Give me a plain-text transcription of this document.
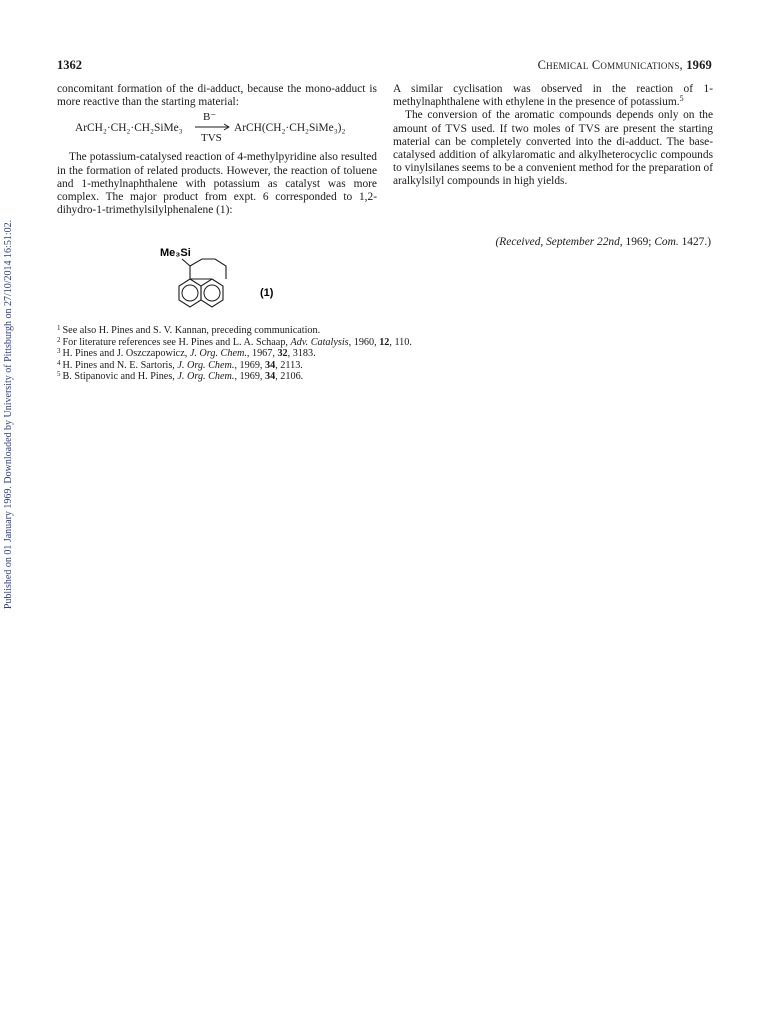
Published on 01 January 1969. Downloaded by University of Pittsburgh on 27/10/2014 16:51:02.
1362	Chemical Communications, 1969

concomitant formation of the di-adduct, because the mono-adduct is more reactive than the starting material:

ArCH₂·CH₂·CH₂SiMe₃
B⁻
TVS
ArCH(CH₂·CH₂SiMe₃)₂

The potassium-catalysed reaction of 4-methylpyridine also resulted in the formation of related products. However, the reaction of toluene and 1-methylnaphthalene with potassium as catalyst was more complex. The major product from expt. 6 corresponded to 1,2-dihydro-1-trimethylsilylphenalene (1):

Me₃Si
(1)

A similar cyclisation was observed in the reaction of 1-methylnaphthalene with ethylene in the presence of potassium.$^5$

The conversion of the aromatic compounds depends only on the amount of TVS used. If two moles of TVS are present the starting material can be completely converted into the di-adduct. The base-catalysed addition of alkylaromatic and alkylheterocyclic compounds to vinylsilanes seems to be a convenient method for the preparation of aralkylsilyl compounds in high yields.

(Received, September 22nd, 1969; Com. 1427.)
$^1$ See also H. Pines and S. V. Kannan, preceding communication.
$^2$ For literature references see H. Pines and L. A. Schaap, Adv. Catalysis, 1960, 12, 110.
$^3$ H. Pines and J. Oszczapowicz, J. Org. Chem., 1967, 32, 3183.
$^4$ H. Pines and N. E. Sartoris, J. Org. Chem., 1969, 34, 2113.
$^5$ B. Stipanovic and H. Pines, J. Org. Chem., 1969, 34, 2106.
